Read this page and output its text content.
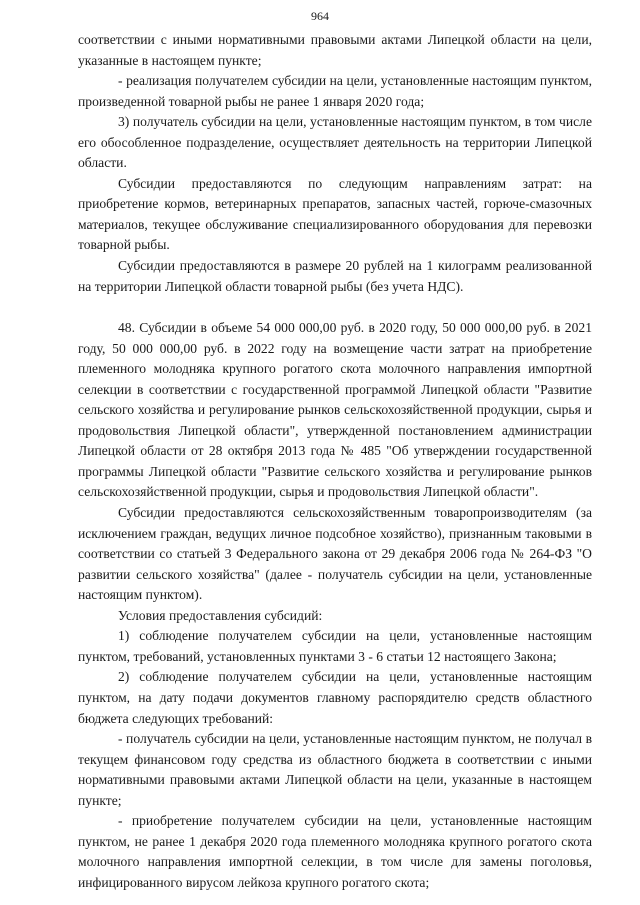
964

соответствии с иными нормативными правовыми актами Липецкой области на цели, указанные в настоящем пункте;

- реализация получателем субсидии на цели, установленные настоящим пунктом, произведенной товарной рыбы не ранее 1 января 2020 года;

3) получатель субсидии на цели, установленные настоящим пунктом, в том числе его обособленное подразделение, осуществляет деятельность на территории Липецкой области.

Субсидии предоставляются по следующим направлениям затрат: на приобретение кормов, ветеринарных препаратов, запасных частей, горюче-смазочных материалов, текущее обслуживание специализированного оборудования для перевозки товарной рыбы.

Субсидии предоставляются в размере 20 рублей на 1 килограмм реализованной на территории Липецкой области товарной рыбы (без учета НДС).

48. Субсидии в объеме 54 000 000,00 руб. в 2020 году, 50 000 000,00 руб. в 2021 году, 50 000 000,00 руб. в 2022 году на возмещение части затрат на приобретение племенного молодняка крупного рогатого скота молочного направления импортной селекции в соответствии с государственной программой Липецкой области "Развитие сельского хозяйства и регулирование рынков сельскохозяйственной продукции, сырья и продовольствия Липецкой области", утвержденной постановлением администрации Липецкой области от 28 октября 2013 года № 485 "Об утверждении государственной программы Липецкой области "Развитие сельского хозяйства и регулирование рынков сельскохозяйственной продукции, сырья и продовольствия Липецкой области".

Субсидии предоставляются сельскохозяйственным товаропроизводителям (за исключением граждан, ведущих личное подсобное хозяйство), признанным таковыми в соответствии со статьей 3 Федерального закона от 29 декабря 2006 года № 264-ФЗ "О развитии сельского хозяйства" (далее - получатель субсидии на цели, установленные настоящим пунктом).

Условия предоставления субсидий:

1) соблюдение получателем субсидии на цели, установленные настоящим пунктом, требований, установленных пунктами 3 - 6 статьи 12 настоящего Закона;

2) соблюдение получателем субсидии на цели, установленные настоящим пунктом, на дату подачи документов главному распорядителю средств областного бюджета следующих требований:

- получатель субсидии на цели, установленные настоящим пунктом, не получал в текущем финансовом году средства из областного бюджета в соответствии с иными нормативными правовыми актами Липецкой области на цели, указанные в настоящем пункте;

- приобретение получателем субсидии на цели, установленные настоящим пунктом, не ранее 1 декабря 2020 года племенного молодняка крупного рогатого скота молочного направления импортной селекции, в том числе для замены поголовья, инфицированного вирусом лейкоза крупного рогатого скота;
